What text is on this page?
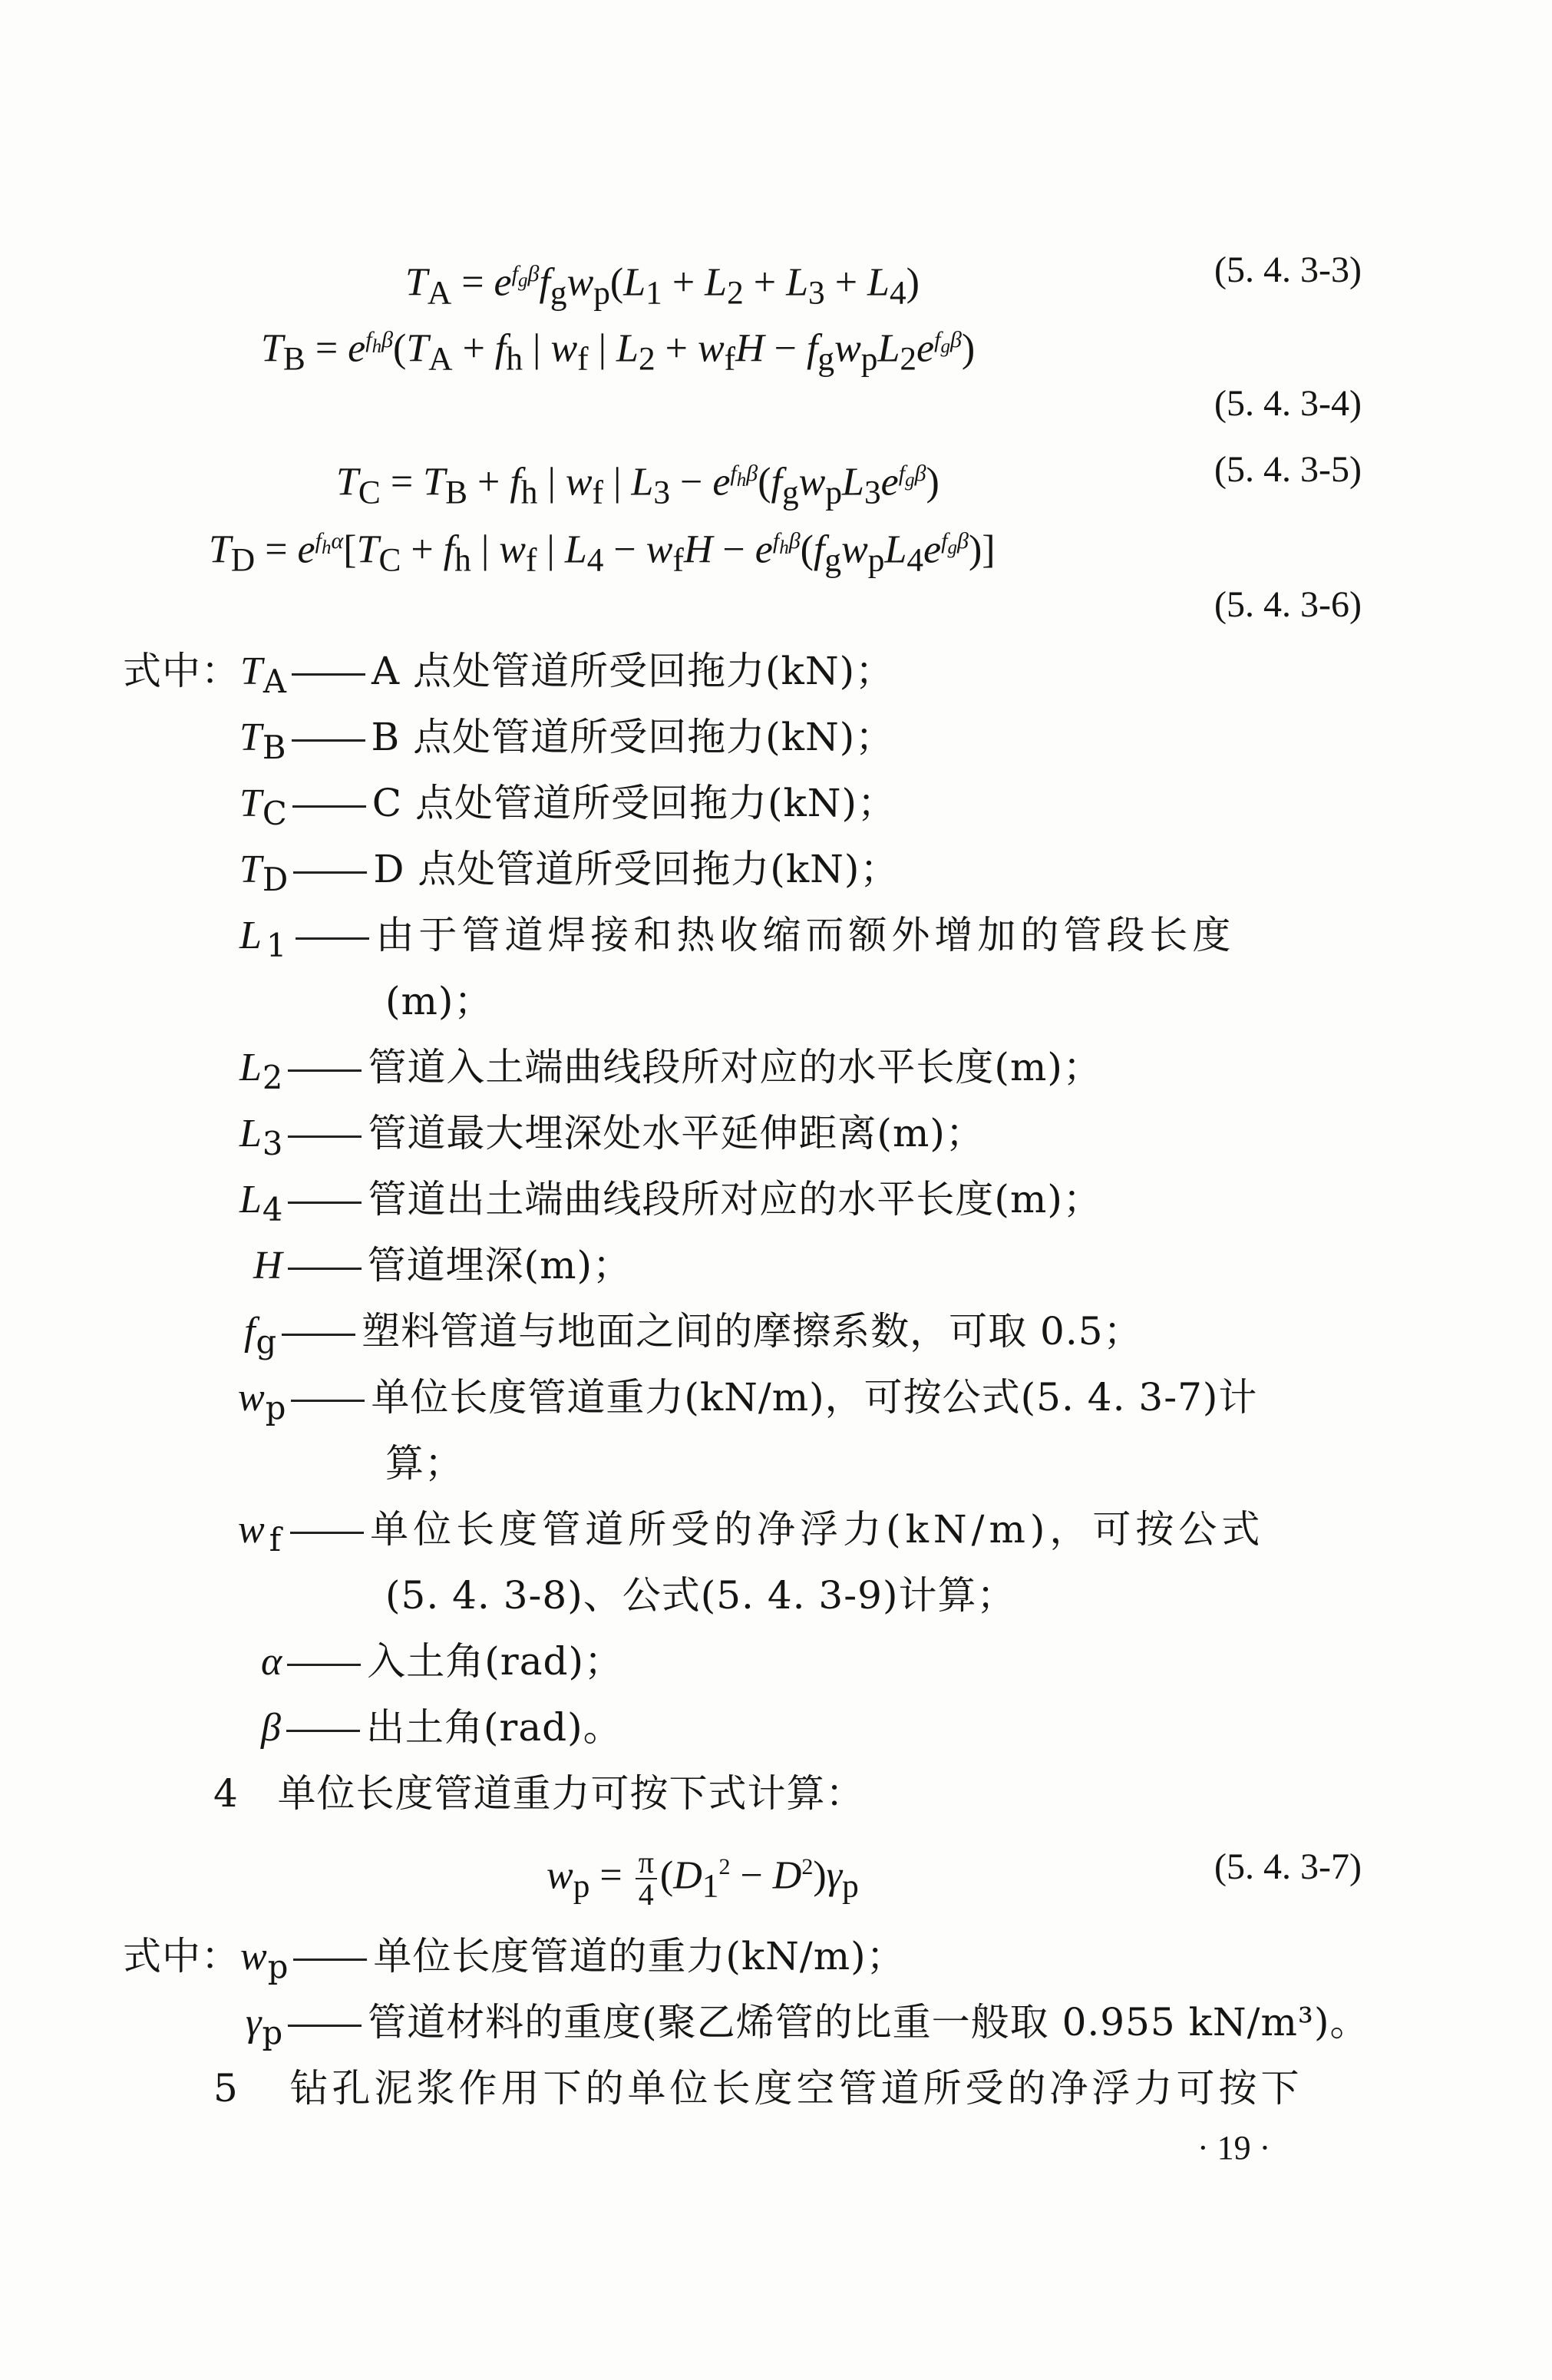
$T_A = e^{f_g\beta}f_gw_p(L_1 + L_2 + L_3 + L_4)$	(5. 4. 3-3)
$T_B = e^{f_h\beta}(T_A + f_h$ | $w_f$ | $L_2 + w_fH - f_gw_pL_2e^{f_g\beta}$)
(5. 4. 3-4)
$T_C = T_B + f_h$ | $w_f$ | $L_3 - e^{f_h\beta}(f_gw_pL_3e^{f_g\beta})$	(5. 4. 3-5)
$T_D = e^{f_h\alpha}[T_C + f_h$ | $w_f$ | $L_4 - w_fH - e^{f_h\beta}(f_gw_pL_4e^{f_g\beta})$]
(5. 4. 3-6)
式中：$T_A$ A 点处管道所受回拖力(kN)；
$T_B$ B 点处管道所受回拖力(kN)；
$T_C$ C 点处管道所受回拖力(kN)；
$T_D$ D 点处管道所受回拖力(kN)；
$L_1$ 由于管道焊接和热收缩而额外增加的管段长度
(m)；
$L_2$ 管道入土端曲线段所对应的水平长度(m)；
$L_3$ 管道最大埋深处水平延伸距离(m)；
$L_4$ 管道出土端曲线段所对应的水平长度(m)；
H 管道埋深(m)；
$f_g$ 塑料管道与地面之间的摩擦系数，可取 0.5；
$w_p$ 单位长度管道重力(kN/m)，可按公式(5. 4. 3-7)计
算；
$w_f$ 单位长度管道所受的净浮力(kN/m)，可按公式
(5. 4. 3-8)、公式(5. 4. 3-9)计算；
α 入土角(rad)；
β 出土角(rad)。
4 单位长度管道重力可按下式计算：
$w_p = \frac{\pi}{4} (D_1^2 - D^2)\gamma_p$	(5. 4. 3-7)
式中：$w_p$ 单位长度管道的重力(kN/m)；
$\gamma_p$ 管道材料的重度(聚乙烯管的比重一般取 0.955 kN/m³)。
5 钻孔泥浆作用下的单位长度空管道所受的净浮力可按下
· 19 ·
